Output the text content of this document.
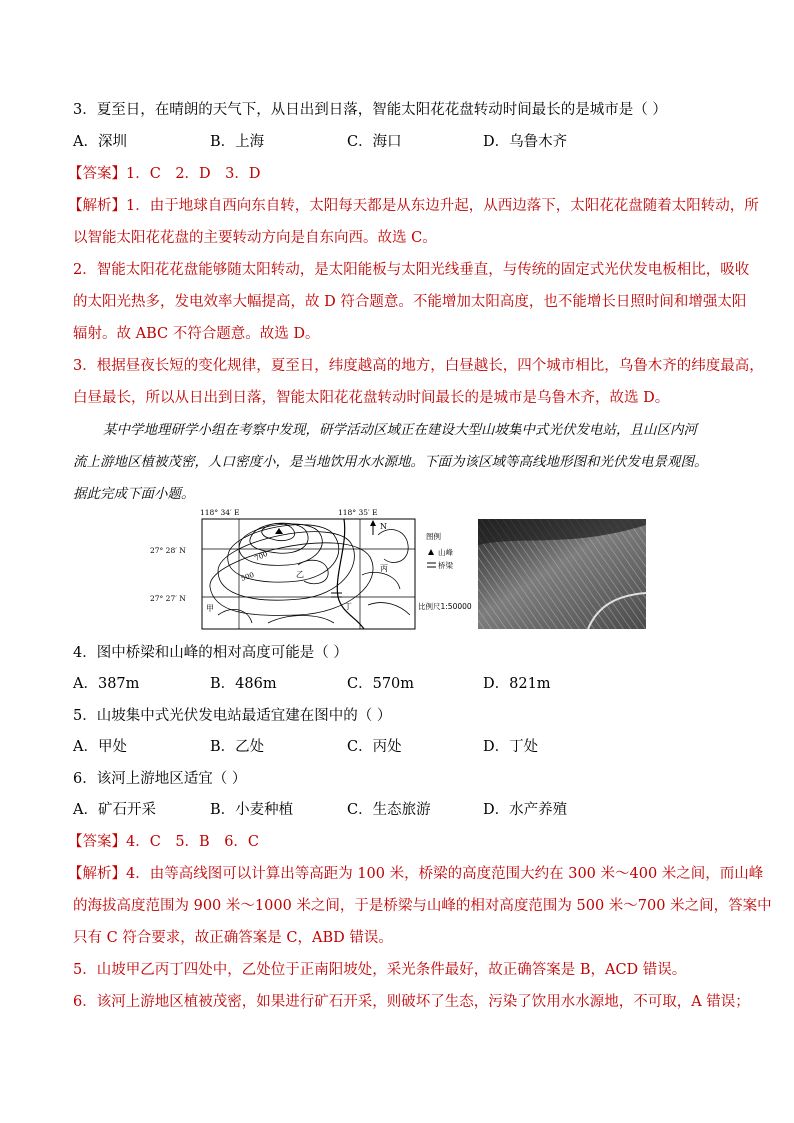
3．夏至日，在晴朗的天气下，从日出到日落，智能太阳花花盘转动时间最长的是城市是（ ）
A．深圳	B．上海	C．海口	D．乌鲁木齐
【答案】1．C　2．D　3．D
【解析】1．由于地球自西向东自转，太阳每天都是从东边升起，从西边落下，太阳花花盘随着太阳转动，所
以智能太阳花花盘的主要转动方向是自东向西。故选 C。
2．智能太阳花花盘能够随太阳转动，是太阳能板与太阳光线垂直，与传统的固定式光伏发电板相比，吸收
的太阳光热多，发电效率大幅提高，故 D 符合题意。不能增加太阳高度，也不能增长日照时间和增强太阳
辐射。故 ABC 不符合题意。故选 D。
3．根据昼夜长短的变化规律，夏至日，纬度越高的地方，白昼越长，四个城市相比，乌鲁木齐的纬度最高，
白昼最长，所以从日出到日落，智能太阳花花盘转动时间最长的是城市是乌鲁木齐，故选 D。
某中学地理研学小组在考察中发现，研学活动区域正在建设大型山坡集中式光伏发电站，且山区内河
流上游地区植被茂密，人口密度小，是当地饮用水水源地。下面为该区域等高线地形图和光伏发电景观图。
据此完成下面小题。
118° 34′ E	118° 35′ E
27° 28′ N
27° 27′ N
N
700
500
甲
乙
丙
丁
图例
山峰
桥梁
比例尺1:50000
4．图中桥梁和山峰的相对高度可能是（ ）
A．387m	B．486m	C．570m	D．821m
5．山坡集中式光伏发电站最适宜建在图中的（ ）
A．甲处	B．乙处	C．丙处	D．丁处
6．该河上游地区适宜（ ）
A．矿石开采	B．小麦种植	C．生态旅游	D．水产养殖
【答案】4．C　5．B　6．C
【解析】4．由等高线图可以计算出等高距为 100 米，桥梁的高度范围大约在 300 米～400 米之间，而山峰
的海拔高度范围为 900 米～1000 米之间，于是桥梁与山峰的相对高度范围为 500 米～700 米之间，答案中
只有 C 符合要求，故正确答案是 C，ABD 错误。
5．山坡甲乙丙丁四处中，乙处位于正南阳坡处，采光条件最好，故正确答案是 B，ACD 错误。
6．该河上游地区植被茂密，如果进行矿石开采，则破坏了生态，污染了饮用水水源地，不可取，A 错误；
